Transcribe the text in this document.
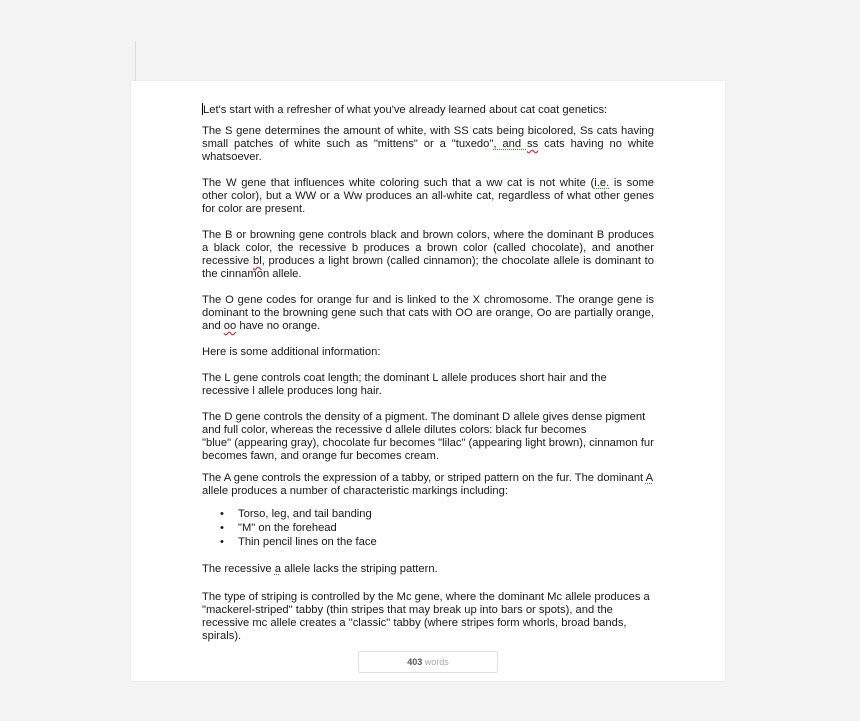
Let's start with a refresher of what you've already learned about cat coat genetics:

The S gene determines the amount of white, with SS cats being bicolored, Ss cats having small patches of white such as "mittens" or a "tuxedo", and ss cats having no white whatsoever.

The W gene that influences white coloring such that a ww cat is not white (i.e. is some other color), but a WW or a Ww produces an all-white cat, regardless of what other genes for color are present.

The B or browning gene controls black and brown colors, where the dominant B produces a black color, the recessive b produces a brown color (called chocolate), and another recessive bl, produces a light brown (called cinnamon); the chocolate allele is dominant to the cinnamon allele.

The O gene codes for orange fur and is linked to the X chromosome. The orange gene is dominant to the browning gene such that cats with OO are orange, Oo are partially orange, and oo have no orange.

Here is some additional information:

The L gene controls coat length; the dominant L allele produces short hair and the recessive l allele produces long hair.

The D gene controls the density of a pigment. The dominant D allele gives dense pigment
and full color, whereas the recessive d allele dilutes colors: black fur becomes
"blue" (appearing gray), chocolate fur becomes "lilac" (appearing light brown), cinnamon fur
becomes fawn, and orange fur becomes cream.

The A gene controls the expression of a tabby, or striped pattern on the fur. The dominant A allele produces a number of characteristic markings including:

• Torso, leg, and tail banding
• "M" on the forehead
• Thin pencil lines on the face

The recessive a allele lacks the striping pattern.

The type of striping is controlled by the Mc gene, where the dominant Mc allele produces a
"mackerel-striped" tabby (thin stripes that may break up into bars or spots), and the
recessive mc allele creates a "classic" tabby (where stripes form whorls, broad bands,
spirals).

403 words
